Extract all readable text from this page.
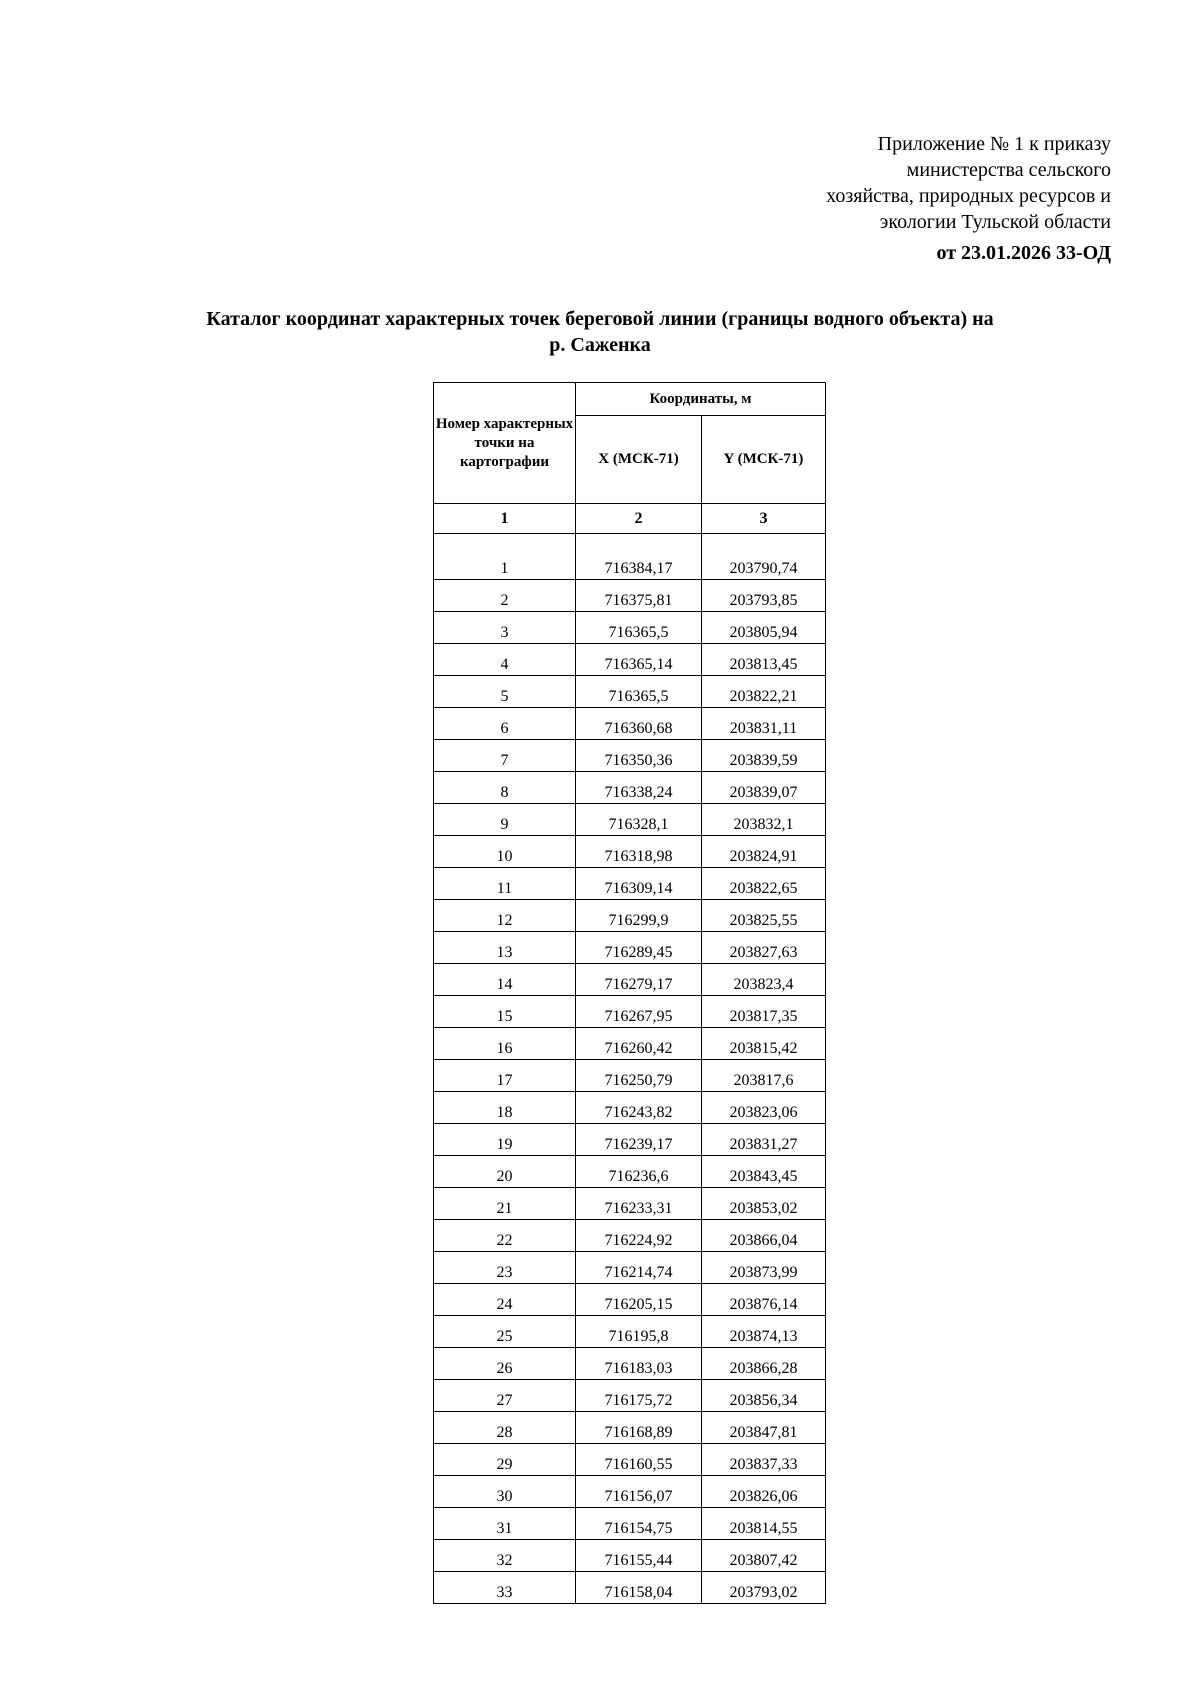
Приложение № 1 к приказу
министерства сельского
хозяйства, природных ресурсов и
экологии Тульской области
от 23.01.2026 33-ОД
Каталог координат характерных точек береговой линии (границы водного объекта) на
р. Саженка
Номер характерных точки на картографии	Координаты, м	
	X (МСК-71)	Y (МСК-71)
1	2	3

1	716384,17	203790,74
2	716375,81	203793,85
3	716365,5	203805,94
4	716365,14	203813,45
5	716365,5	203822,21
6	716360,68	203831,11
7	716350,36	203839,59
8	716338,24	203839,07
9	716328,1	203832,1
10	716318,98	203824,91
11	716309,14	203822,65
12	716299,9	203825,55
13	716289,45	203827,63
14	716279,17	203823,4
15	716267,95	203817,35
16	716260,42	203815,42
17	716250,79	203817,6
18	716243,82	203823,06
19	716239,17	203831,27
20	716236,6	203843,45
21	716233,31	203853,02
22	716224,92	203866,04
23	716214,74	203873,99
24	716205,15	203876,14
25	716195,8	203874,13
26	716183,03	203866,28
27	716175,72	203856,34
28	716168,89	203847,81
29	716160,55	203837,33
30	716156,07	203826,06
31	716154,75	203814,55
32	716155,44	203807,42
33	716158,04	203793,02
